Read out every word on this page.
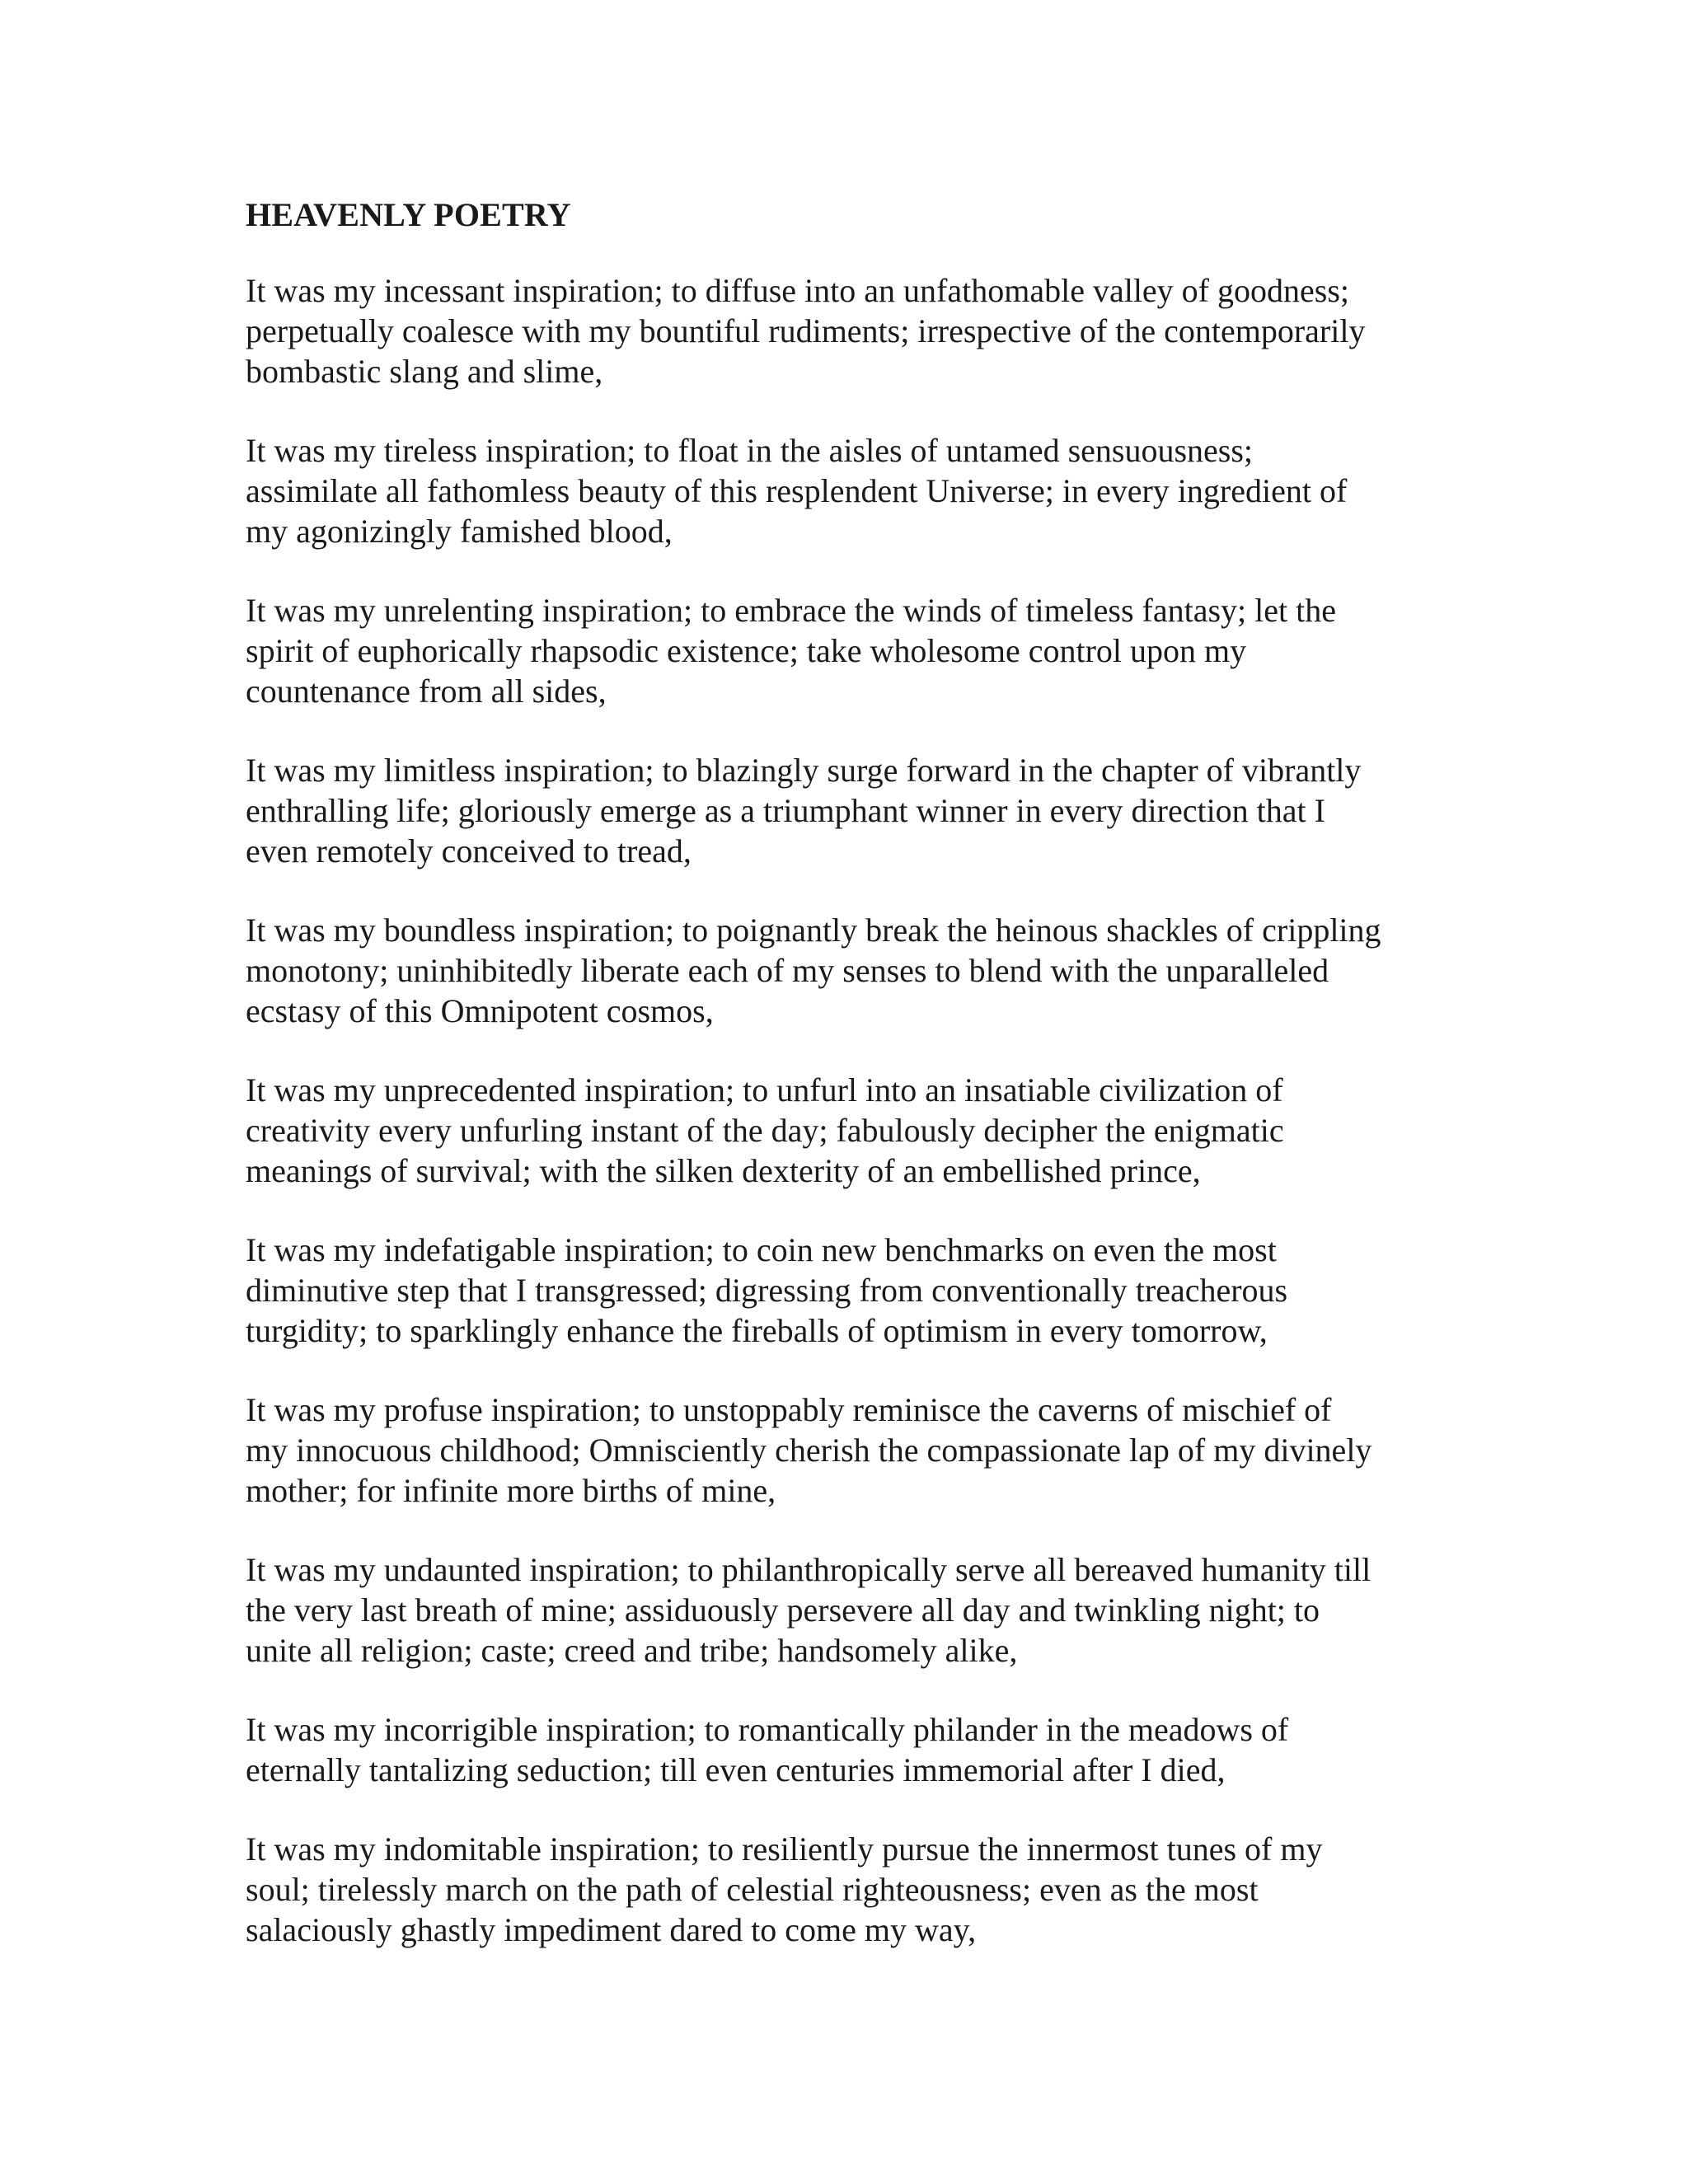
HEAVENLY POETRY
It was my incessant inspiration; to diffuse into an unfathomable valley of goodness;
perpetually coalesce with my bountiful rudiments; irrespective of the contemporarily
bombastic slang and slime,
It was my tireless inspiration; to float in the aisles of untamed sensuousness;
assimilate all fathomless beauty of this resplendent Universe; in every ingredient of
my agonizingly famished blood,
It was my unrelenting inspiration; to embrace the winds of timeless fantasy; let the
spirit of euphorically rhapsodic existence; take wholesome control upon my
countenance from all sides,
It was my limitless inspiration; to blazingly surge forward in the chapter of vibrantly
enthralling life; gloriously emerge as a triumphant winner in every direction that I
even remotely conceived to tread,
It was my boundless inspiration; to poignantly break the heinous shackles of crippling
monotony; uninhibitedly liberate each of my senses to blend with the unparalleled
ecstasy of this Omnipotent cosmos,
It was my unprecedented inspiration; to unfurl into an insatiable civilization of
creativity every unfurling instant of the day; fabulously decipher the enigmatic
meanings of survival; with the silken dexterity of an embellished prince,
It was my indefatigable inspiration; to coin new benchmarks on even the most
diminutive step that I transgressed; digressing from conventionally treacherous
turgidity; to sparklingly enhance the fireballs of optimism in every tomorrow,
It was my profuse inspiration; to unstoppably reminisce the caverns of mischief of
my innocuous childhood; Omnisciently cherish the compassionate lap of my divinely
mother; for infinite more births of mine,
It was my undaunted inspiration; to philanthropically serve all bereaved humanity till
the very last breath of mine; assiduously persevere all day and twinkling night; to
unite all religion; caste; creed and tribe; handsomely alike,
It was my incorrigible inspiration; to romantically philander in the meadows of
eternally tantalizing seduction; till even centuries immemorial after I died,
It was my indomitable inspiration; to resiliently pursue the innermost tunes of my
soul; tirelessly march on the path of celestial righteousness; even as the most
salaciously ghastly impediment dared to come my way,
